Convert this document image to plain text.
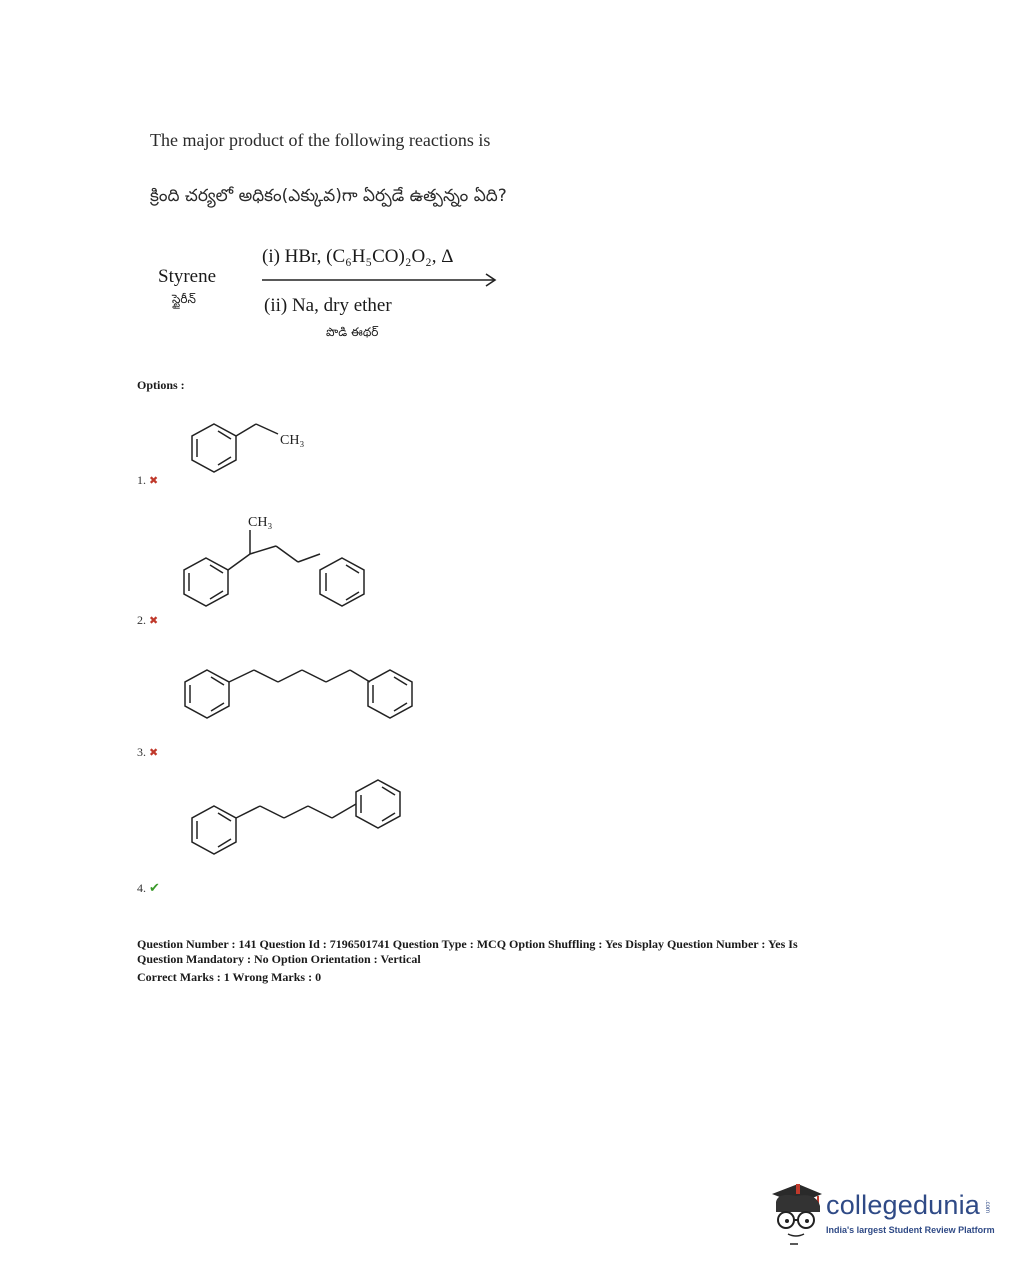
The major product of the following reactions is
క్రింది చర్యలో అధికం(ఎక్కువ)గా ఏర్పడే ఉత్పన్నం ఏది?
Styrene
స్టైరీన్
(i) HBr, (C₆H₅CO)₂O₂, Δ
(ii) Na, dry ether
పొడి ఈథర్
Options :
CH₃
1. ✖
CH₃
2. ✖
3. ✖
4. ✔
Question Number : 141 Question Id : 7196501741 Question Type : MCQ Option Shuffling : Yes Display Question Number : Yes Is
Question Mandatory : No Option Orientation : Vertical
Correct Marks : 1 Wrong Marks : 0
collegedunia .com
India's largest Student Review Platform
